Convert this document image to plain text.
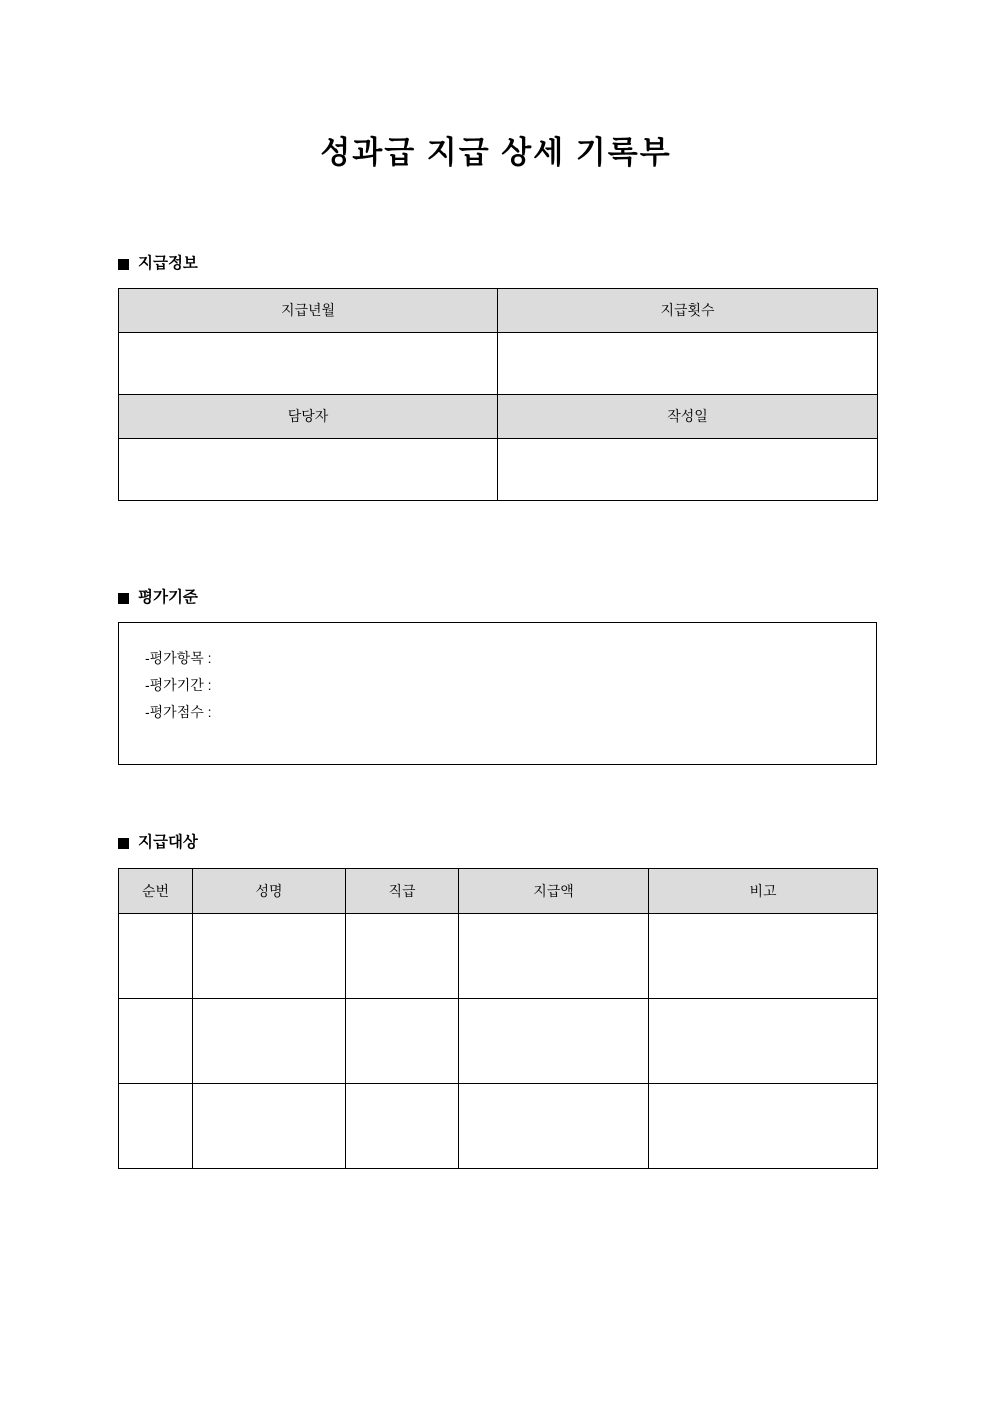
성과급 지급 상세 기록부
지급정보
지급년월	지급횟수

담당자	작성일

평가기준
-평가항목 :
-평가기간 :
-평가점수 :
지급대상
순번	성명	직급	지급액	비고
